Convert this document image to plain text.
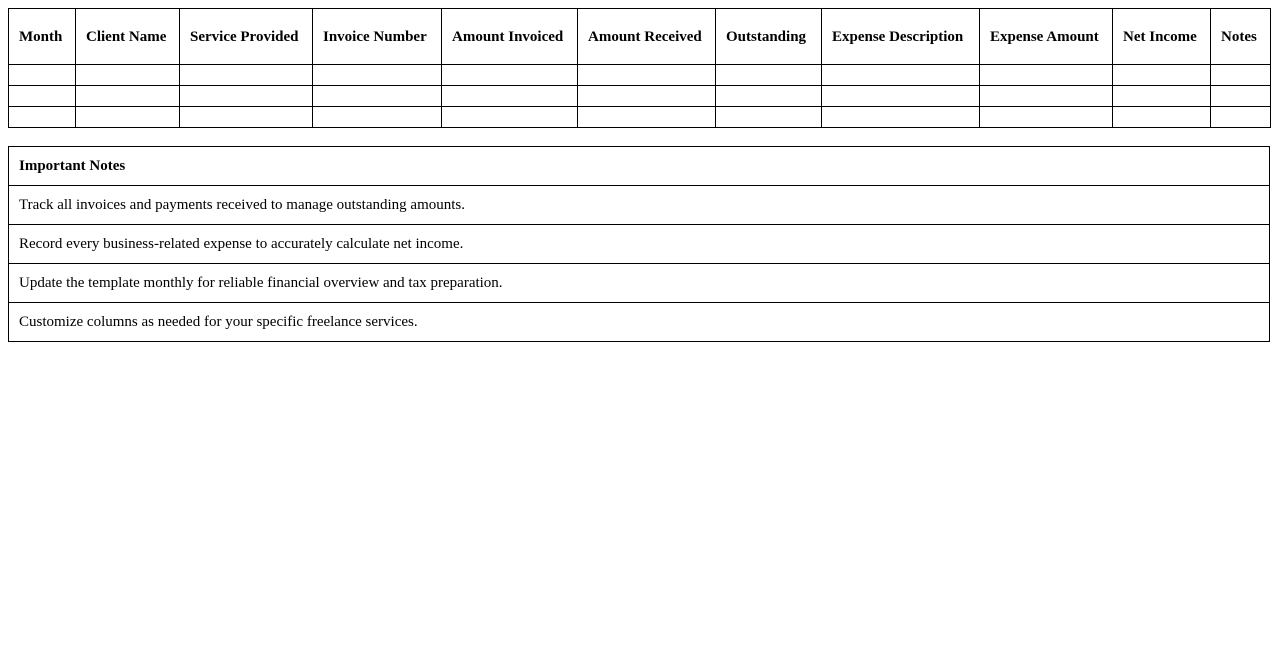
Month	Client Name	Service Provided	Invoice Number	Amount Invoiced	Amount Received	Outstanding	Expense Description	Expense Amount	Net Income	Notes

Important Notes
Track all invoices and payments received to manage outstanding amounts.
Record every business-related expense to accurately calculate net income.
Update the template monthly for reliable financial overview and tax preparation.
Customize columns as needed for your specific freelance services.
